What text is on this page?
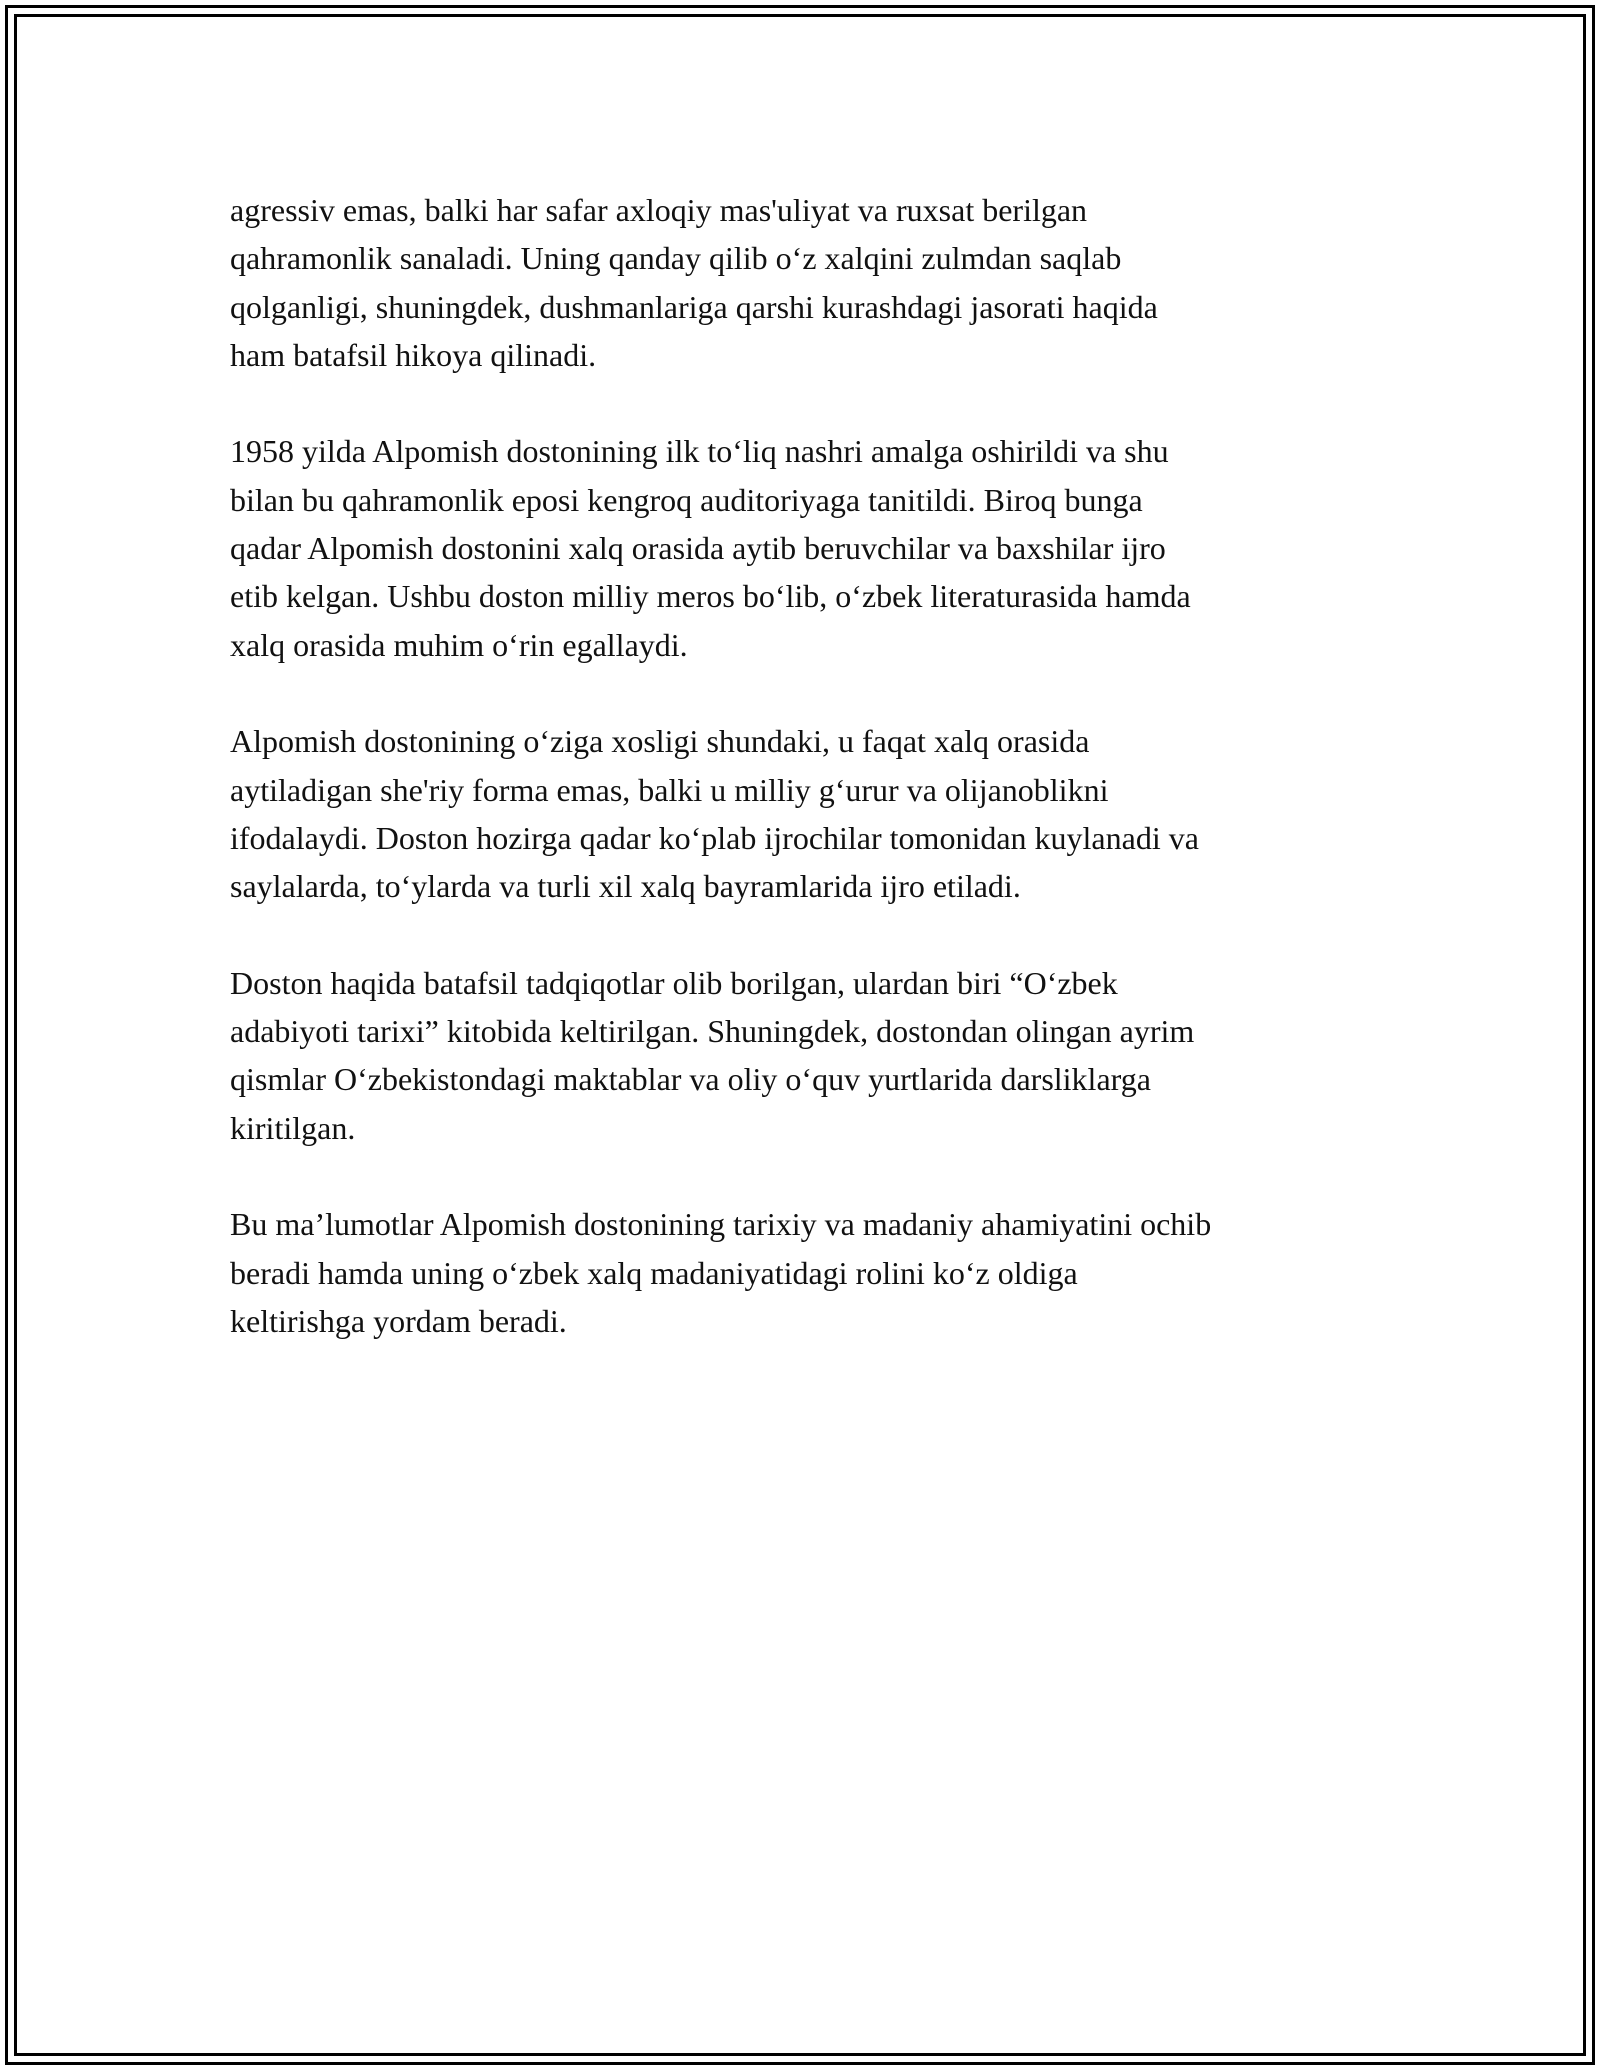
agressiv emas, balki har safar axloqiy mas'uliyat va ruxsat berilgan
qahramonlik sanaladi. Uning qanday qilib o‘z xalqini zulmdan saqlab
qolganligi, shuningdek, dushmanlariga qarshi kurashdagi jasorati haqida
ham batafsil hikoya qilinadi.

1958 yilda Alpomish dostonining ilk to‘liq nashri amalga oshirildi va shu
bilan bu qahramonlik eposi kengroq auditoriyaga tanitildi. Biroq bunga
qadar Alpomish dostonini xalq orasida aytib beruvchilar va baxshilar ijro
etib kelgan. Ushbu doston milliy meros bo‘lib, o‘zbek literaturasida hamda
xalq orasida muhim o‘rin egallaydi.

Alpomish dostonining o‘ziga xosligi shundaki, u faqat xalq orasida
aytiladigan she'riy forma emas, balki u milliy g‘urur va olijanoblikni
ifodalaydi. Doston hozirga qadar ko‘plab ijrochilar tomonidan kuylanadi va
saylalarda, to‘ylarda va turli xil xalq bayramlarida ijro etiladi.

Doston haqida batafsil tadqiqotlar olib borilgan, ulardan biri “O‘zbek
adabiyoti tarixi” kitobida keltirilgan. Shuningdek, dostondan olingan ayrim
qismlar O‘zbekistondagi maktablar va oliy o‘quv yurtlarida darsliklarga
kiritilgan.

Bu ma’lumotlar Alpomish dostonining tarixiy va madaniy ahamiyatini ochib
beradi hamda uning o‘zbek xalq madaniyatidagi rolini ko‘z oldiga
keltirishga yordam beradi.
